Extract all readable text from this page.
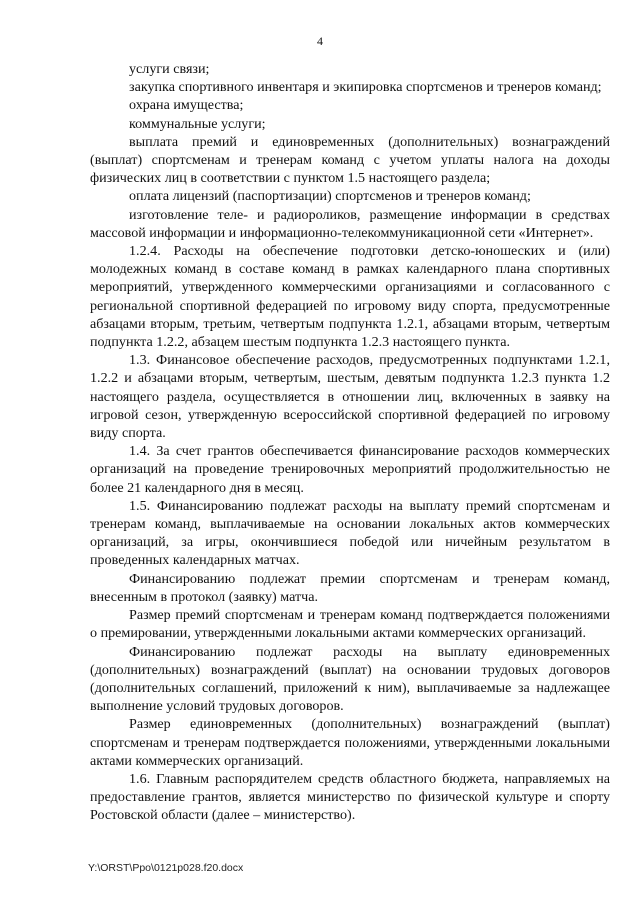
4

услуги связи;

закупка спортивного инвентаря и экипировка спортсменов и тренеров команд;

охрана имущества;

коммунальные услуги;

выплата премий и единовременных (дополнительных) вознаграждений (выплат) спортсменам и тренерам команд с учетом уплаты налога на доходы физических лиц в соответствии с пунктом 1.5 настоящего раздела;

оплата лицензий (паспортизации) спортсменов и тренеров команд;

изготовление теле- и радиороликов, размещение информации в средствах массовой информации и информационно-телекоммуникационной сети «Интернет».

1.2.4. Расходы на обеспечение подготовки детско-юношеских и (или) молодежных команд в составе команд в рамках календарного плана спортивных мероприятий, утвержденного коммерческими организациями и согласованного с региональной спортивной федерацией по игровому виду спорта, предусмотренные абзацами вторым, третьим, четвертым подпункта 1.2.1, абзацами вторым, четвертым подпункта 1.2.2, абзацем шестым подпункта 1.2.3 настоящего пункта.

1.3. Финансовое обеспечение расходов, предусмотренных подпунктами 1.2.1, 1.2.2 и абзацами вторым, четвертым, шестым, девятым подпункта 1.2.3 пункта 1.2 настоящего раздела, осуществляется в отношении лиц, включенных в заявку на игровой сезон, утвержденную всероссийской спортивной федерацией по игровому виду спорта.

1.4. За счет грантов обеспечивается финансирование расходов коммерческих организаций на проведение тренировочных мероприятий продолжительностью не более 21 календарного дня в месяц.

1.5. Финансированию подлежат расходы на выплату премий спортсменам и тренерам команд, выплачиваемые на основании локальных актов коммерческих организаций, за игры, окончившиеся победой или ничейным результатом в проведенных календарных матчах.

Финансированию подлежат премии спортсменам и тренерам команд, внесенным в протокол (заявку) матча.

Размер премий спортсменам и тренерам команд подтверждается положениями о премировании, утвержденными локальными актами коммерческих организаций.

Финансированию подлежат расходы на выплату единовременных (дополнительных) вознаграждений (выплат) на основании трудовых договоров (дополнительных соглашений, приложений к ним), выплачиваемые за надлежащее выполнение условий трудовых договоров.

Размер единовременных (дополнительных) вознаграждений (выплат) спортсменам и тренерам подтверждается положениями, утвержденными локальными актами коммерческих организаций.

1.6. Главным распорядителем средств областного бюджета, направляемых на предоставление грантов, является министерство по физической культуре и спорту Ростовской области (далее – министерство).

Y:\ORST\Ppo\0121p028.f20.docx
